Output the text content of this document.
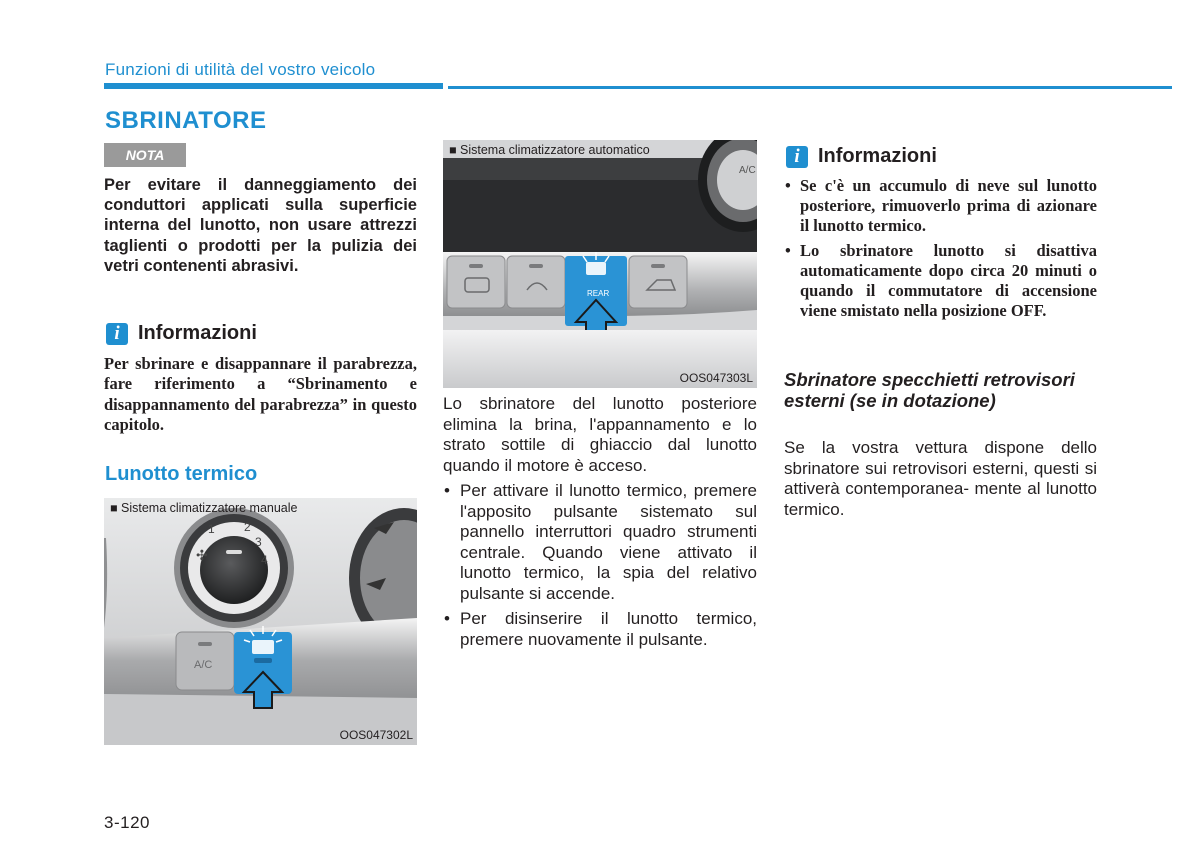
Funzioni di utilità del vostro veicolo
SBRINATORE
NOTA
Per evitare il danneggiamento dei conduttori applicati sulla superficie interna del lunotto, non usare attrezzi taglienti o prodotti per la pulizia dei vetri contenenti abrasivi.
i Informazioni
Per sbrinare e disappannare il parabrezza, fare riferimento a “Sbrinamento e disappannamento del parabrezza” in questo capitolo.
Lunotto termico
1 2
3
4
✣
A/C
■ Sistema climatizzatore manuale
OOS047302L
A/C
REAR
■ Sistema climatizzatore automatico
OOS047303L
Lo sbrinatore del lunotto posteriore elimina la brina, l'appannamento e lo strato sottile di ghiaccio dal lunotto quando il motore è acceso.
• Per attivare il lunotto termico, premere l'apposito pulsante sistemato sul pannello interruttori quadro strumenti centrale. Quando viene attivato il lunotto termico, la spia del relativo pulsante si accende.
• Per disinserire il lunotto termico, premere nuovamente il pulsante.
i Informazioni
• Se c'è un accumulo di neve sul lunotto posteriore, rimuoverlo prima di azionare il lunotto termico.
• Lo sbrinatore lunotto si disattiva automaticamente dopo circa 20 minuti o quando il commutatore di accensione viene smistato nella posizione OFF.
Sbrinatore specchietti retrovisori esterni (se in dotazione)
Se la vostra vettura dispone dello sbrinatore sui retrovisori esterni, questi si attiverà contemporanea- mente al lunotto termico.
3-120
